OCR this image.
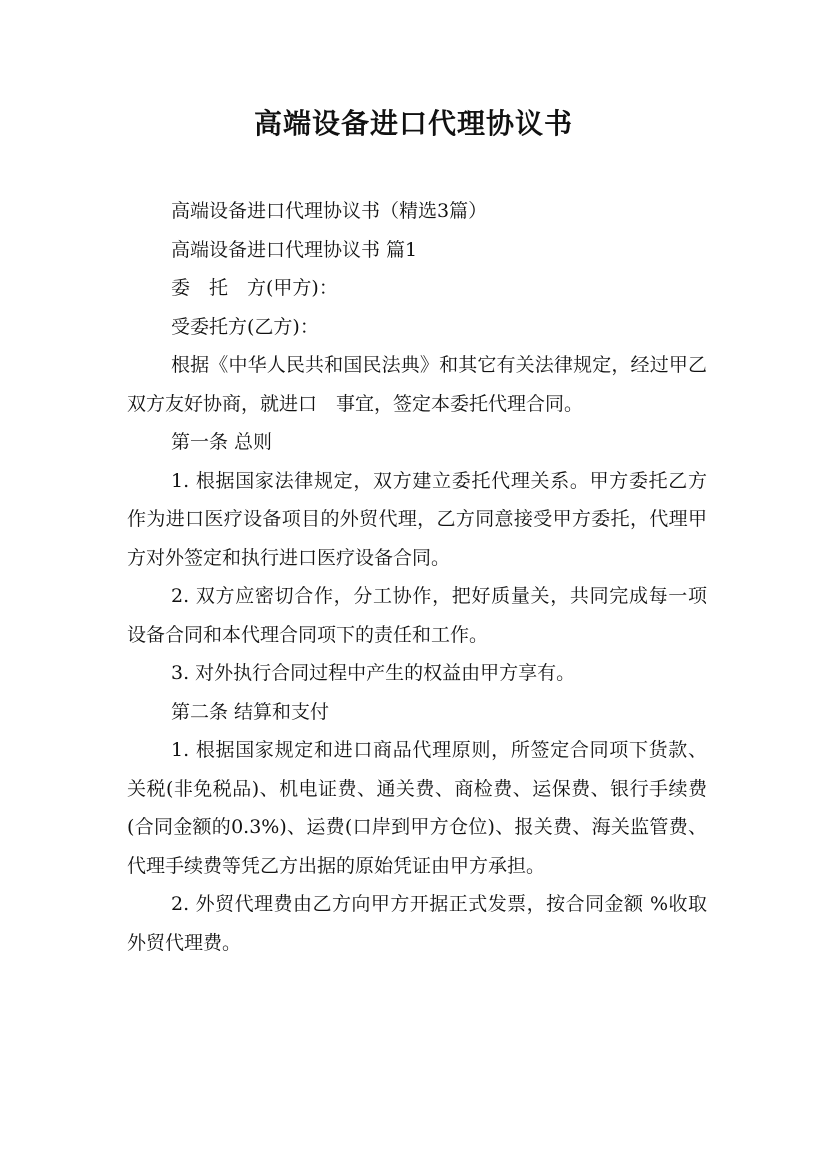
高端设备进口代理协议书

高端设备进口代理协议书（精选3篇）

高端设备进口代理协议书 篇1

委　托　方(甲方)：

受委托方(乙方)：

根据《中华人民共和国民法典》和其它有关法律规定，经过甲乙双方友好协商，就进口　事宜，签定本委托代理合同。

第一条 总则

1. 根据国家法律规定，双方建立委托代理关系。甲方委托乙方作为进口医疗设备项目的外贸代理，乙方同意接受甲方委托，代理甲方对外签定和执行进口医疗设备合同。

2. 双方应密切合作，分工协作，把好质量关，共同完成每一项设备合同和本代理合同项下的责任和工作。

3. 对外执行合同过程中产生的权益由甲方享有。

第二条 结算和支付

1. 根据国家规定和进口商品代理原则，所签定合同项下货款、关税(非免税品)、机电证费、通关费、商检费、运保费、银行手续费(合同金额的0.3%)、运费(口岸到甲方仓位)、报关费、海关监管费、代理手续费等凭乙方出据的原始凭证由甲方承担。

2. 外贸代理费由乙方向甲方开据正式发票，按合同金额 %收取外贸代理费。
